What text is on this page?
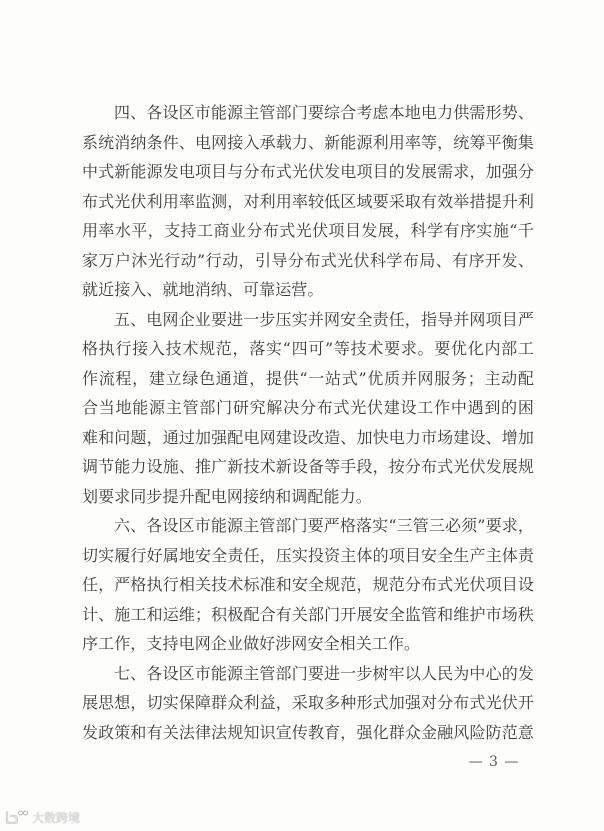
四、各设区市能源主管部门要综合考虑本地电力供需形势、
系统消纳条件、电网接入承载力、新能源利用率等，统筹平衡集
中式新能源发电项目与分布式光伏发电项目的发展需求，加强分
布式光伏利用率监测，对利用率较低区域要采取有效举措提升利
用率水平，支持工商业分布式光伏项目发展，科学有序实施“千
家万户沐光行动”行动，引导分布式光伏科学布局、有序开发、
就近接入、就地消纳、可靠运营。
五、电网企业要进一步压实并网安全责任，指导并网项目严
格执行接入技术规范，落实“四可”等技术要求。要优化内部工
作流程，建立绿色通道，提供“一站式”优质并网服务；主动配
合当地能源主管部门研究解决分布式光伏建设工作中遇到的困
难和问题，通过加强配电网建设改造、加快电力市场建设、增加
调节能力设施、推广新技术新设备等手段，按分布式光伏发展规
划要求同步提升配电网接纳和调配能力。
六、各设区市能源主管部门要严格落实“三管三必须”要求，
切实履行好属地安全责任，压实投资主体的项目安全生产主体责
任，严格执行相关技术标准和安全规范，规范分布式光伏项目设
计、施工和运维；积极配合有关部门开展安全监管和维护市场秩
序工作，支持电网企业做好涉网安全相关工作。
七、各设区市能源主管部门要进一步树牢以人民为中心的发
展思想，切实保障群众利益，采取多种形式加强对分布式光伏开
发政策和有关法律法规知识宣传教育，强化群众金融风险防范意
— 3 —
大数跨境
